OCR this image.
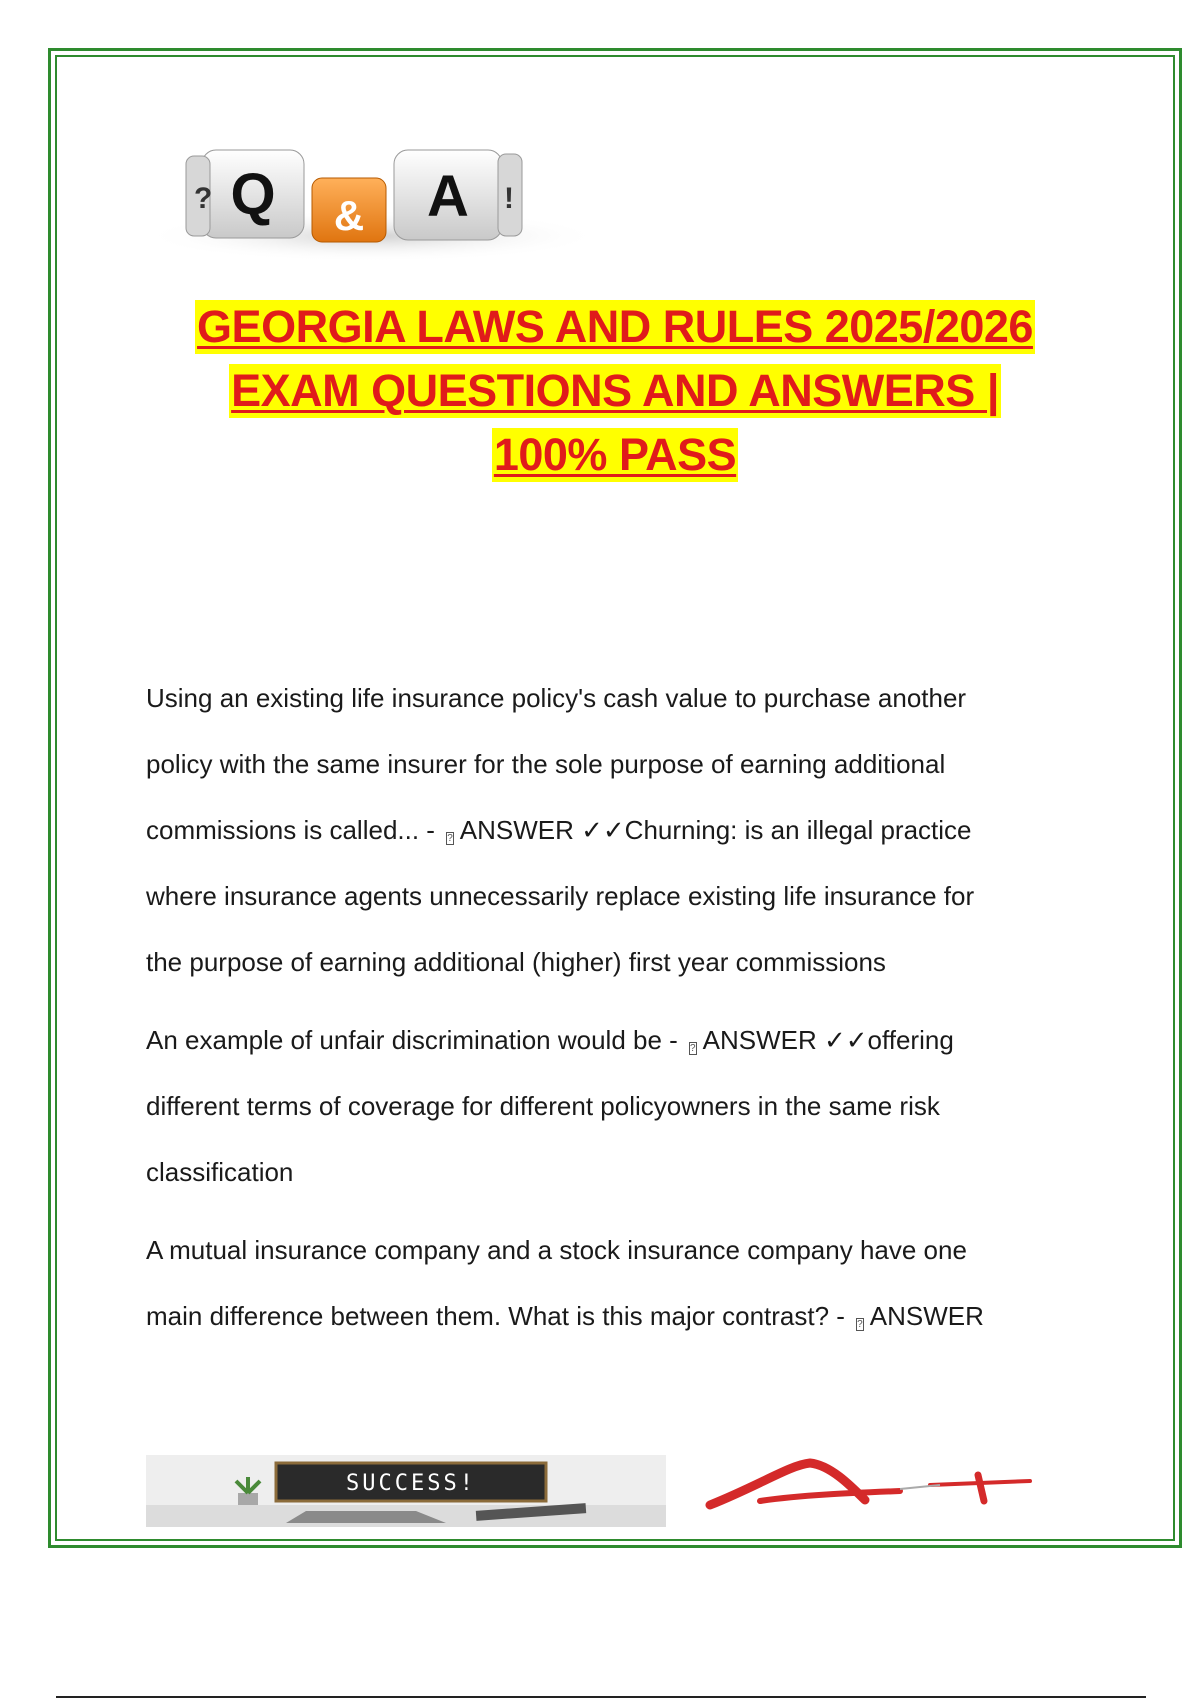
Q
?	& A !
GEORGIA LAWS AND RULES 2025/2026
EXAM QUESTIONS AND ANSWERS |
100% PASS
Using an existing life insurance policy's cash value to purchase another
policy with the same insurer for the sole purpose of earning additional
commissions is called... - ? ANSWER ✓✓Churning: is an illegal practice
where insurance agents unnecessarily replace existing life insurance for
the purpose of earning additional (higher) first year commissions
An example of unfair discrimination would be - ? ANSWER ✓✓offering
different terms of coverage for different policyowners in the same risk
classification
A mutual insurance company and a stock insurance company have one
main difference between them. What is this major contrast? - ? ANSWER
SUCCESS!
